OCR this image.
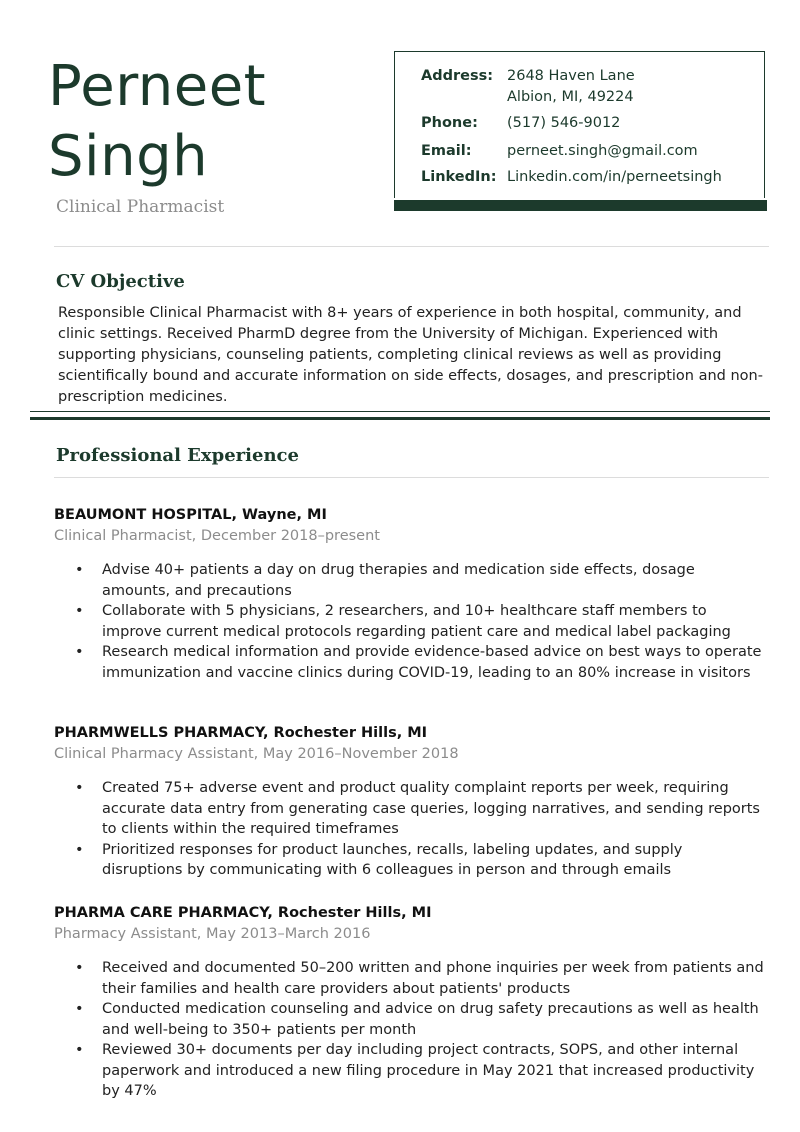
Perneet
Singh
Clinical Pharmacist
Address: 2648 Haven Lane
Albion, MI, 49224
Phone:	(517) 546-9012
Email:	perneet.singh@gmail.com
LinkedIn: Linkedin.com/in/perneetsingh
CV Objective

Responsible Clinical Pharmacist with 8+ years of experience in both hospital, community, and clinic settings. Received PharmD degree from the University of Michigan. Experienced with supporting physicians, counseling patients, completing clinical reviews as well as providing scientifically bound and accurate information on side effects, dosages, and prescription and non-prescription medicines.

Professional Experience
BEAUMONT HOSPITAL, Wayne, MI
Clinical Pharmacist, December 2018–present
• Advise 40+ patients a day on drug therapies and medication side effects, dosage amounts, and precautions
• Collaborate with 5 physicians, 2 researchers, and 10+ healthcare staff members to improve current medical protocols regarding patient care and medical label packaging
• Research medical information and provide evidence-based advice on best ways to operate immunization and vaccine clinics during COVID-19, leading to an 80% increase in visitors
PHARMWELLS PHARMACY, Rochester Hills, MI
Clinical Pharmacy Assistant, May 2016–November 2018
• Created 75+ adverse event and product quality complaint reports per week, requiring accurate data entry from generating case queries, logging narratives, and sending reports to clients within the required timeframes
• Prioritized responses for product launches, recalls, labeling updates, and supply disruptions by communicating with 6 colleagues in person and through emails
PHARMA CARE PHARMACY, Rochester Hills, MI
Pharmacy Assistant, May 2013–March 2016
• Received and documented 50–200 written and phone inquiries per week from patients and their families and health care providers about patients' products
• Conducted medication counseling and advice on drug safety precautions as well as health and well-being to 350+ patients per month
• Reviewed 30+ documents per day including project contracts, SOPS, and other internal paperwork and introduced a new filing procedure in May 2021 that increased productivity by 47%
